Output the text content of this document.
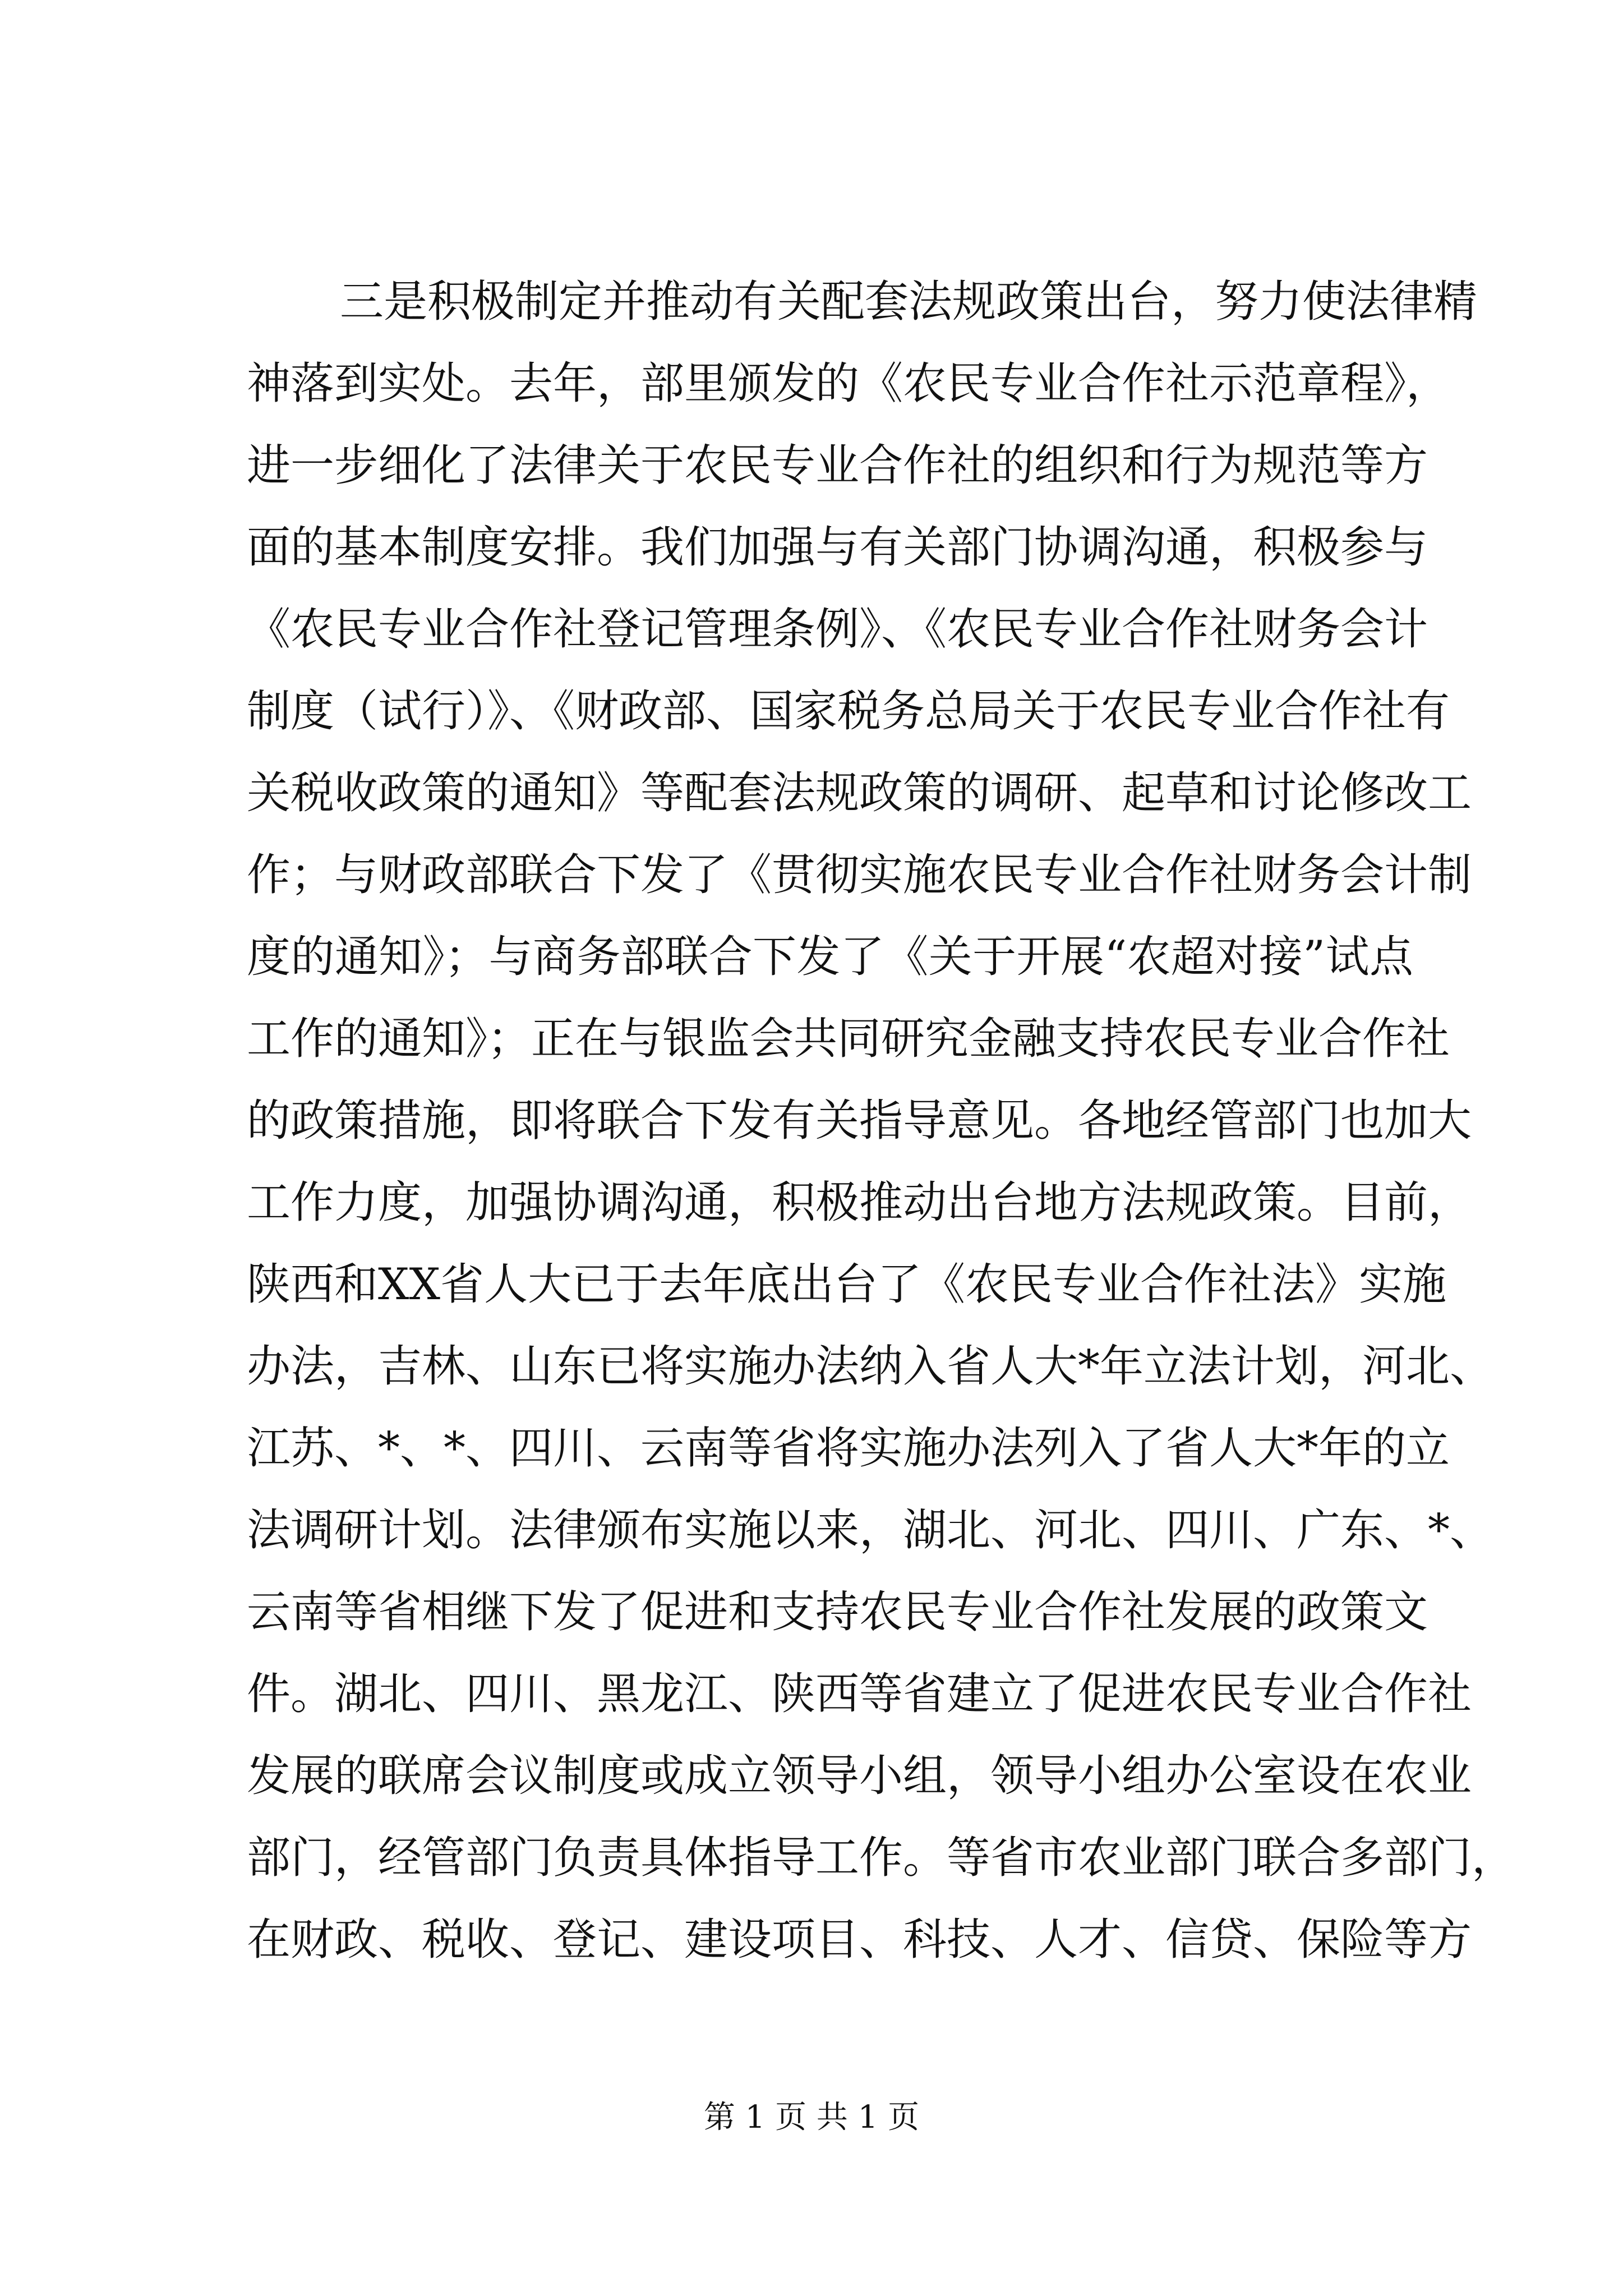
三是积极制定并推动有关配套法规政策出台，努力使法律精
神落到实处。去年，部里颁发的《农民专业合作社示范章程》，
进一步细化了法律关于农民专业合作社的组织和行为规范等方
面的基本制度安排。我们加强与有关部门协调沟通，积极参与
《农民专业合作社登记管理条例》、《农民专业合作社财务会计
制度（试行）》、《财政部、国家税务总局关于农民专业合作社有
关税收政策的通知》等配套法规政策的调研、起草和讨论修改工
作；与财政部联合下发了《贯彻实施农民专业合作社财务会计制
度的通知》；与商务部联合下发了《关于开展“农超对接”试点
工作的通知》；正在与银监会共同研究金融支持农民专业合作社
的政策措施，即将联合下发有关指导意见。各地经管部门也加大
工作力度，加强协调沟通，积极推动出台地方法规政策。目前，
陕西和XX省人大已于去年底出台了《农民专业合作社法》实施
办法，吉林、山东已将实施办法纳入省人大*年立法计划，河北、
江苏、*、*、四川、云南等省将实施办法列入了省人大*年的立
法调研计划。法律颁布实施以来，湖北、河北、四川、广东、*、
云南等省相继下发了促进和支持农民专业合作社发展的政策文
件。湖北、四川、黑龙江、陕西等省建立了促进农民专业合作社
发展的联席会议制度或成立领导小组，领导小组办公室设在农业
部门，经管部门负责具体指导工作。等省市农业部门联合多部门，
在财政、税收、登记、建设项目、科技、人才、信贷、保险等方
第 1 页 共 1 页
